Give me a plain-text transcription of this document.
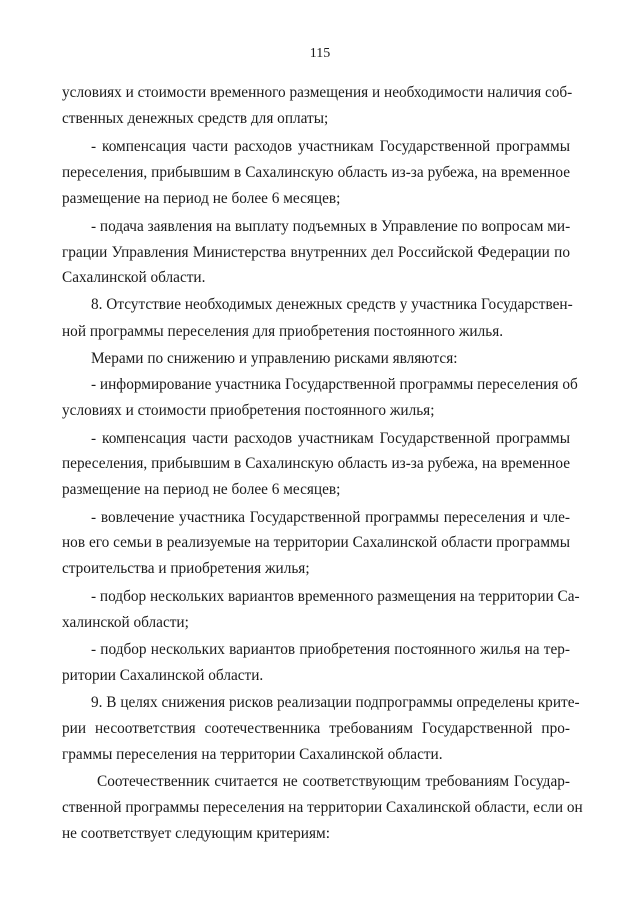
115
условиях и стоимости временного размещения и необходимости наличия соб-
ственных денежных средств для оплаты;
- компенсация части расходов участникам Государственной программы
переселения, прибывшим в Сахалинскую область из-за рубежа, на временное
размещение на период не более 6 месяцев;
- подача заявления на выплату подъемных в Управление по вопросам ми-
грации Управления Министерства внутренних дел Российской Федерации по
Сахалинской области.
8. Отсутствие необходимых денежных средств у участника Государствен-
ной программы переселения для приобретения постоянного жилья.
Мерами по снижению и управлению рисками являются:
- информирование участника Государственной программы переселения об
условиях и стоимости приобретения постоянного жилья;
- компенсация части расходов участникам Государственной программы
переселения, прибывшим в Сахалинскую область из-за рубежа, на временное
размещение на период не более 6 месяцев;
- вовлечение участника Государственной программы переселения и чле-
нов его семьи в реализуемые на территории Сахалинской области программы
строительства и приобретения жилья;
- подбор нескольких вариантов временного размещения на территории Са-
халинской области;
- подбор нескольких вариантов приобретения постоянного жилья на тер-
ритории Сахалинской области.
9. В целях снижения рисков реализации подпрограммы определены крите-
рии несоответствия соотечественника требованиям Государственной про-
граммы переселения на территории Сахалинской области.
Соотечественник считается не соответствующим требованиям Государ-
ственной программы переселения на территории Сахалинской области, если он
не соответствует следующим критериям:
